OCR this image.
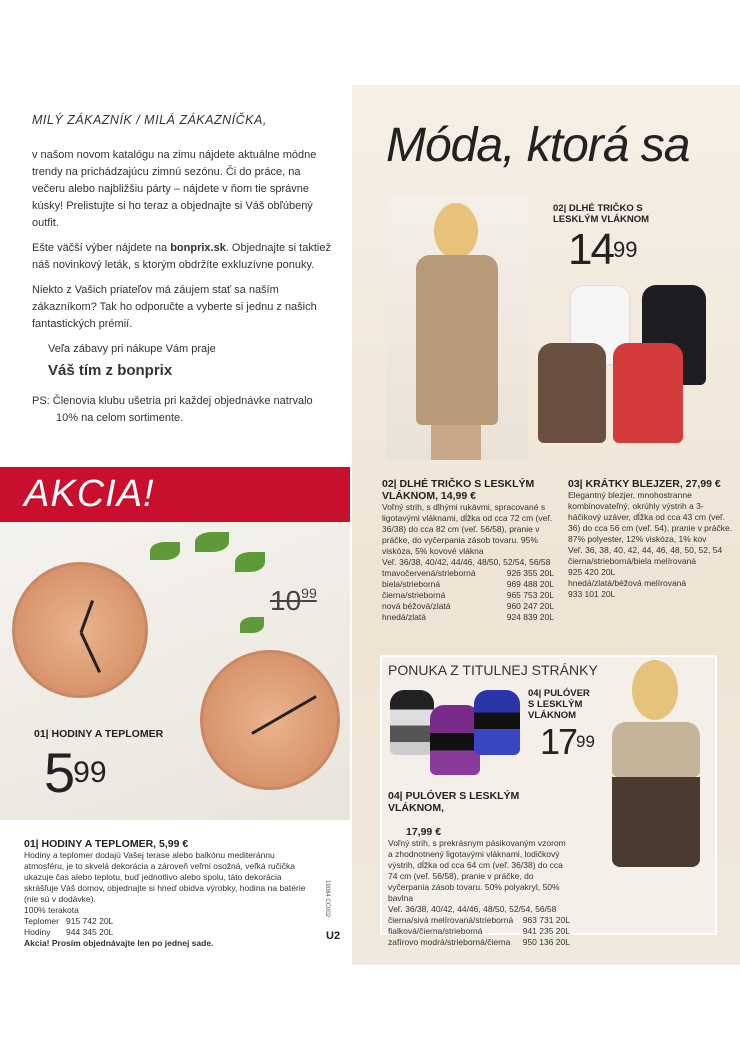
MILÝ ZÁKAZNÍK / MILÁ ZÁKAZNÍČKA,

v našom novom katalógu na zimu nájdete aktuálne módne trendy na prichádzajúcu zimnú sezónu. Či do práce, na večeru alebo najbližšiu párty – nájdete v ňom tie správne kúsky! Prelistujte si ho teraz a objednajte si Váš obľúbený outfit.

Ešte väčší výber nájdete na bonprix.sk. Objednajte si taktiež náš novinkový leták, s ktorým obdržíte exkluzívne ponuky.

Niekto z Vašich priateľov má záujem stať sa naším zákazníkom? Tak ho odporučte a vyberte si jednu z našich fantastických prémií.

Veľa zábavy pri nákupe Vám praje

Váš tím z bonprix

PS: Členovia klubu ušetria pri každej objednávke natrvalo 10% na celom sortimente.

Móda, ktorá sa
02| DLHÉ TRIČKO S LESKLÝM VLÁKNOM
$14^{99}$
02| DLHÉ TRIČKO S LESKLÝM VLÁKNOM, 14,99 €
Voľný strih, s dlhými rukávmi, spracované s ligotavými vláknami, dĺžka od cca 72 cm (veľ. 36/38) do cca 82 cm (veľ. 56/58), pranie v práčke, do vyčerpania zásob tovaru. 95% viskóza, 5% kovové vlákna
Veľ. 36/38, 40/42, 44/46, 48/50, 52/54, 56/58
tmavočervená/strieborná	926 355 20L
biela/strieborná	969 488 20L
čierna/strieborná	965 753 20L
nová béžová/zlatá	960 247 20L
hnedá/zlatá	924 839 20L
03| KRÁTKY BLEJZER, 27,99 €
Elegantný blezjer, mnohostranne kombinovateľný, okrúhly výstrih a 3-háčikový uzáver, dĺžka od cca 43 cm (veľ. 36) do cca 56 cm (veľ. 54), pranie v práčke. 87% polyester, 12% viskóza, 1% kov
Veľ. 36, 38, 40, 42, 44, 46, 48, 50, 52, 54
čierna/strieborná/biela melírovaná
925 420 20L
hnedá/zlatá/béžová melírovaná
933 101 20L
AKCIA!
$10^{99}$
01| HODINY A TEPLOMER
$5^{99}$
01| HODINY A TEPLOMER, 5,99 €
Hodiny a teplomer dodajú Vašej terase alebo balkónu mediteránnu atmosféru, je to skvelá dekorácia a zároveň veľmi osožná, veľká ručička ukazuje čas alebo teplotu, buď jednotlivo alebo spolu, táto dekorácia skrášľuje Váš domov, objednajte si hneď obidva výrobky, hodina na batérie (nie sú v dodávke).
100% terakota
Teplomer 915 742 20L
Hodiny 944 345 20L
Akcia! Prosím objednávajte len po jednej sade.
19084 CC002
U2
PONUKA Z TITULNEJ STRÁNKY
04| PULÓVER S LESKLÝM VLÁKNOM
$17^{99}$
04| PULÓVER S LESKLÝM VLÁKNOM,
17,99 €
Voľný strih, s prekrásnym pásikovaným vzorom a zhodnotnený ligotavými vláknami, lodičkový výstrih, dĺžka od cca 64 cm (veľ. 36/38) do cca 74 cm (veľ. 56/58), pranie v práčke, do vyčerpania zásob tovaru. 50% polyakryl, 50% bavlna
Veľ. 36/38, 40/42, 44/46, 48/50, 52/54, 56/58
čierna/sivá melírovaná/strieborná 963 731 20L
fialková/čierna/strieborná	941 235 20L
zafírovo modrá/strieborná/čierna 950 136 20L
